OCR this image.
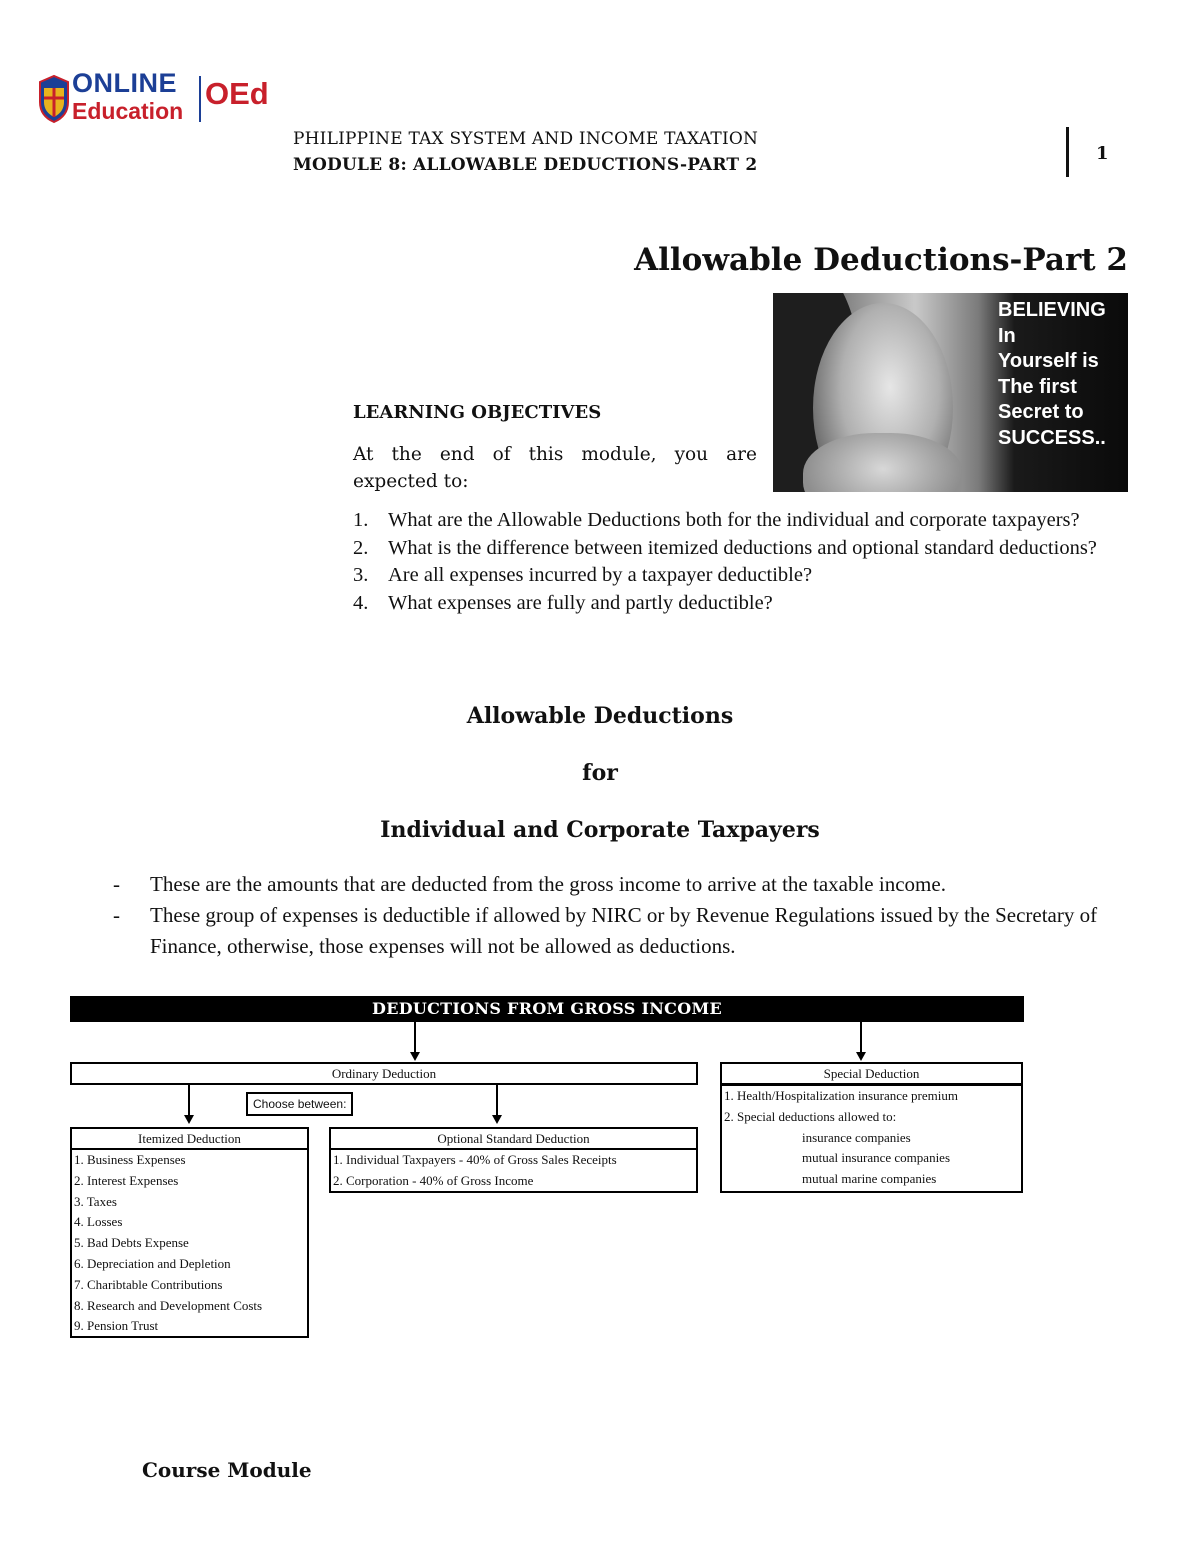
ONLINE
Education OEd
PHILIPPINE TAX SYSTEM AND INCOME TAXATION
MODULE 8: ALLOWABLE DEDUCTIONS-PART 2
1
Allowable Deductions-Part 2
BELIEVING
In
Yourself is
The first
Secret to
SUCCESS..
LEARNING OBJECTIVES
At the end of this module, you are
expected to:
1. What are the Allowable Deductions both for the individual and corporate taxpayers?
2. What is the difference between itemized deductions and optional standard deductions?
3. Are all expenses incurred by a taxpayer deductible?
4. What expenses are fully and partly deductible?
Allowable Deductions
for
Individual and Corporate Taxpayers
- These are the amounts that are deducted from the gross income to arrive at the taxable income.
- These group of expenses is deductible if allowed by NIRC or by Revenue Regulations issued by the Secretary of Finance, otherwise, those expenses will not be allowed as deductions.
DEDUCTIONS FROM GROSS INCOME
Ordinary Deduction	Special Deduction
Choose between:
Itemized Deduction
1. Business Expenses
2. Interest Expenses
3. Taxes
4. Losses
5. Bad Debts Expense
6. Depreciation and Depletion
7. Charibtable Contributions
8. Research and Development Costs
9. Pension Trust
Optional Standard Deduction
1. Individual Taxpayers - 40% of Gross Sales Receipts
2. Corporation - 40% of Gross Income
1. Health/Hospitalization insurance premium
2. Special deductions allowed to:
insurance companies
mutual insurance companies
mutual marine companies
Course Module
